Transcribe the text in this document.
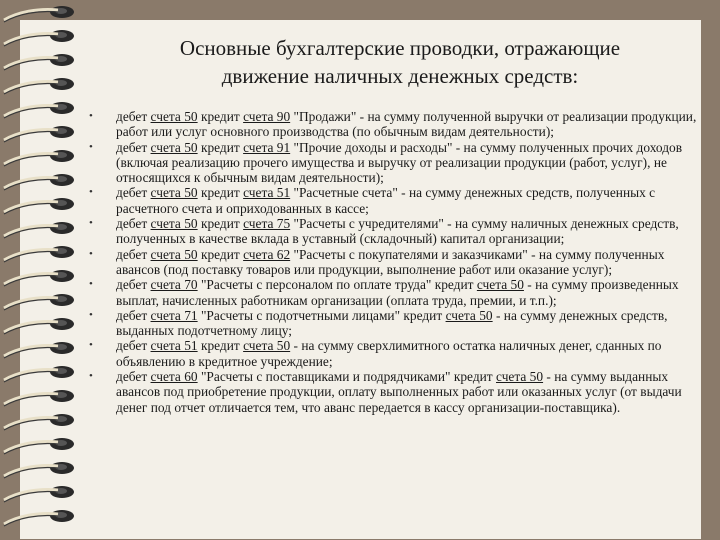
Основные бухгалтерские проводки, отражающие
движение наличных денежных средств:
•	дебет счета 50 кредит счета 90 "Продажи" - на сумму полученной выручки от реализации продукции, работ или услуг основного производства (по обычным видам деятельности);
•	дебет счета 50 кредит счета 91 "Прочие доходы и расходы" - на сумму полученных прочих доходов (включая реализацию прочего имущества и выручку от реализации продукции (работ, услуг), не относящихся к обычным видам деятельности);
•	дебет счета 50 кредит счета 51 "Расчетные счета" - на сумму денежных средств, полученных с расчетного счета и оприходованных в кассе;
•	дебет счета 50 кредит счета 75 "Расчеты с учредителями" - на сумму наличных денежных средств, полученных в качестве вклада в уставный (складочный) капитал организации;
•	дебет счета 50 кредит счета 62 "Расчеты с покупателями и заказчиками" - на сумму полученных авансов (под поставку товаров или продукции, выполнение работ или оказание услуг);
•	дебет счета 70 "Расчеты с персоналом по оплате труда" кредит счета 50 - на сумму произведенных выплат, начисленных работникам организации (оплата труда, премии, и т.п.);
•	дебет счета 71 "Расчеты с подотчетными лицами" кредит счета 50 - на сумму денежных средств, выданных подотчетному лицу;
•	дебет счета 51 кредит счета 50 - на сумму сверхлимитного остатка наличных денег, сданных по объявлению в кредитное учреждение;
•	дебет счета 60 "Расчеты с поставщиками и подрядчиками" кредит счета 50 - на сумму выданных авансов под приобретение продукции, оплату выполненных работ или оказанных услуг (от выдачи денег под отчет отличается тем, что аванс передается в кассу организации-поставщика).
